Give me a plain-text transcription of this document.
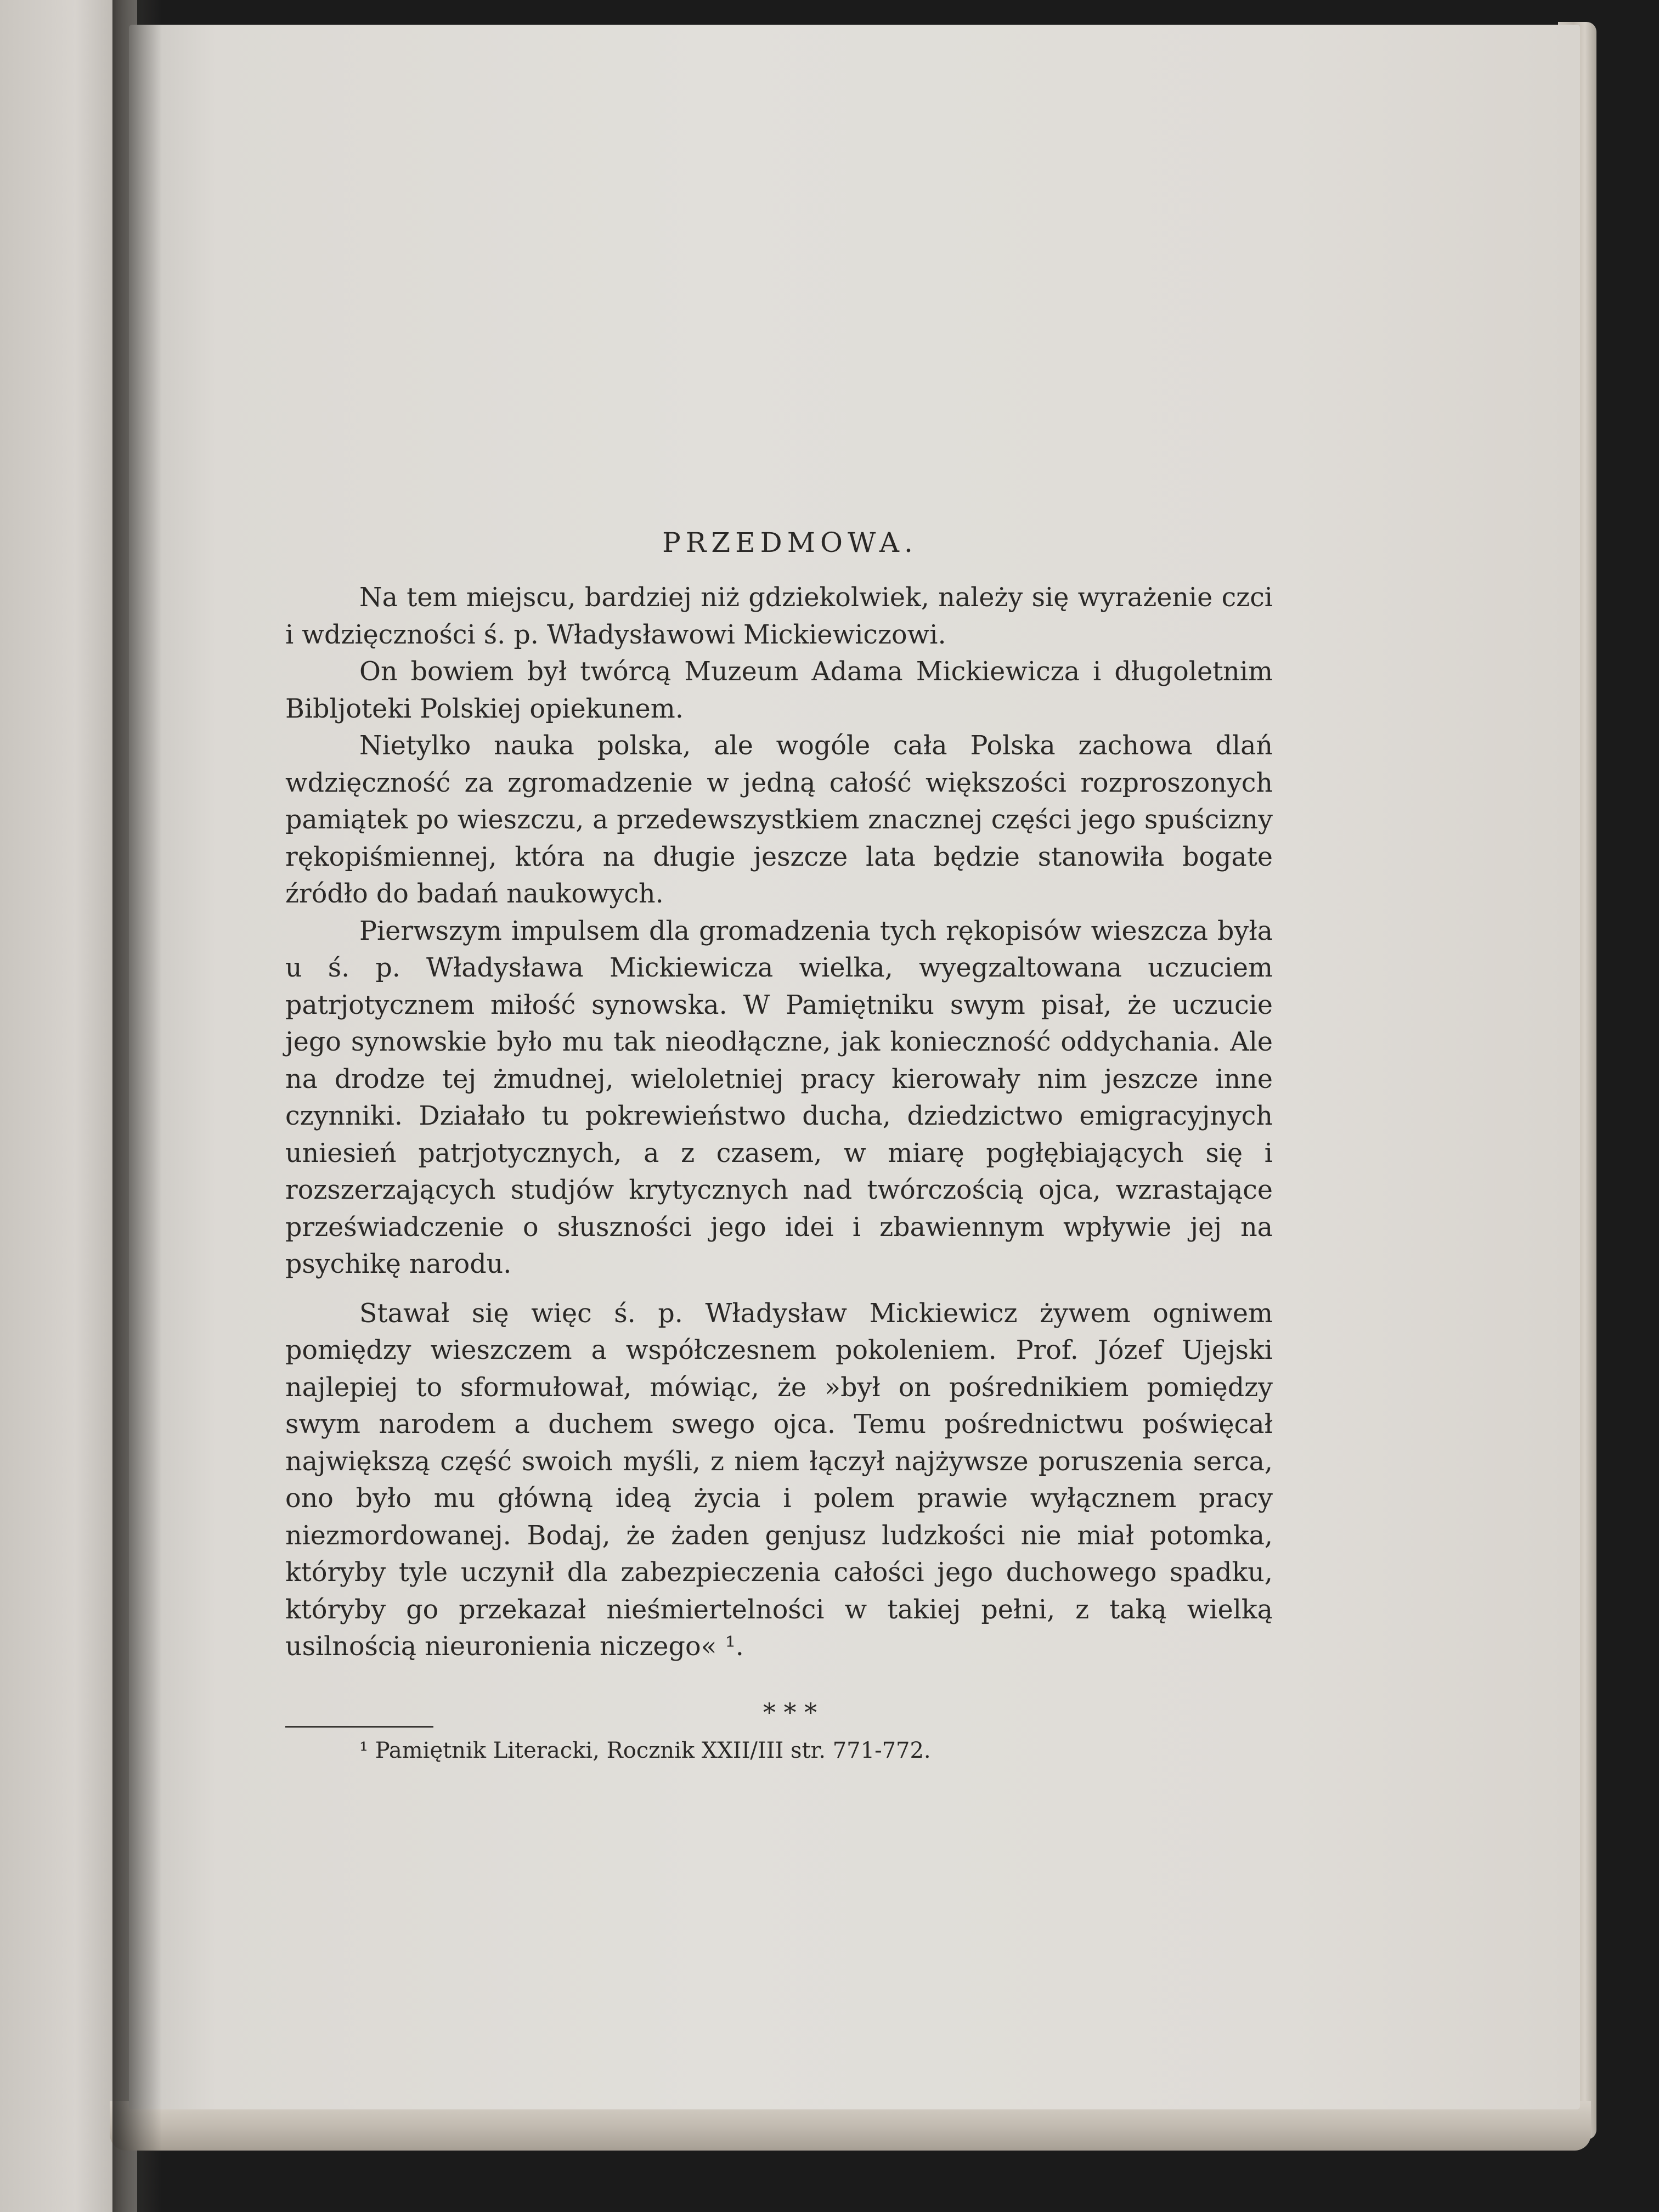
PRZEDMOWA.

Na tem miejscu, bardziej niż gdziekolwiek, należy się wyrażenie czci i wdzięczności ś. p. Władysławowi Mickiewiczowi.

On bowiem był twórcą Muzeum Adama Mickiewicza i długoletnim Bibljoteki Polskiej opiekunem.

Nietylko nauka polska, ale wogóle cała Polska zachowa dlań wdzięczność za zgromadzenie w jedną całość większości rozproszonych pamiątek po wieszczu, a przedewszystkiem znacznej części jego spuścizny rękopiśmiennej, która na długie jeszcze lata będzie stanowiła bogate źródło do badań naukowych.

Pierwszym impulsem dla gromadzenia tych rękopisów wieszcza była u ś. p. Władysława Mickiewicza wielka, wyegzaltowana uczuciem patrjotycznem miłość synowska. W Pamiętniku swym pisał, że uczucie jego synowskie było mu tak nieodłączne, jak konieczność oddychania. Ale na drodze tej żmudnej, wieloletniej pracy kierowały nim jeszcze inne czynniki. Działało tu pokrewieństwo ducha, dziedzictwo emigracyjnych uniesień patrjotycznych, a z czasem, w miarę pogłębiających się i rozszerzających studjów krytycznych nad twórczością ojca, wzrastające przeświadczenie o słuszności jego idei i zbawiennym wpływie jej na psychikę narodu.

Stawał się więc ś. p. Władysław Mickiewicz żywem ogniwem pomiędzy wieszczem a współczesnem pokoleniem. Prof. Józef Ujejski najlepiej to sformułował, mówiąc, że »był on pośrednikiem pomiędzy swym narodem a duchem swego ojca. Temu pośrednictwu poświęcał największą część swoich myśli, z niem łączył najżywsze poruszenia serca, ono było mu główną ideą życia i polem prawie wyłącznem pracy niezmordowanej. Bodaj, że żaden genjusz ludzkości nie miał potomka, któryby tyle uczynił dla zabezpieczenia całości jego duchowego spadku, któryby go przekazał nieśmiertelności w takiej pełni, z taką wielką usilnością nieuronienia niczego« ¹.

* * *

¹ Pamiętnik Literacki, Rocznik XXII/III str. 771-772.
